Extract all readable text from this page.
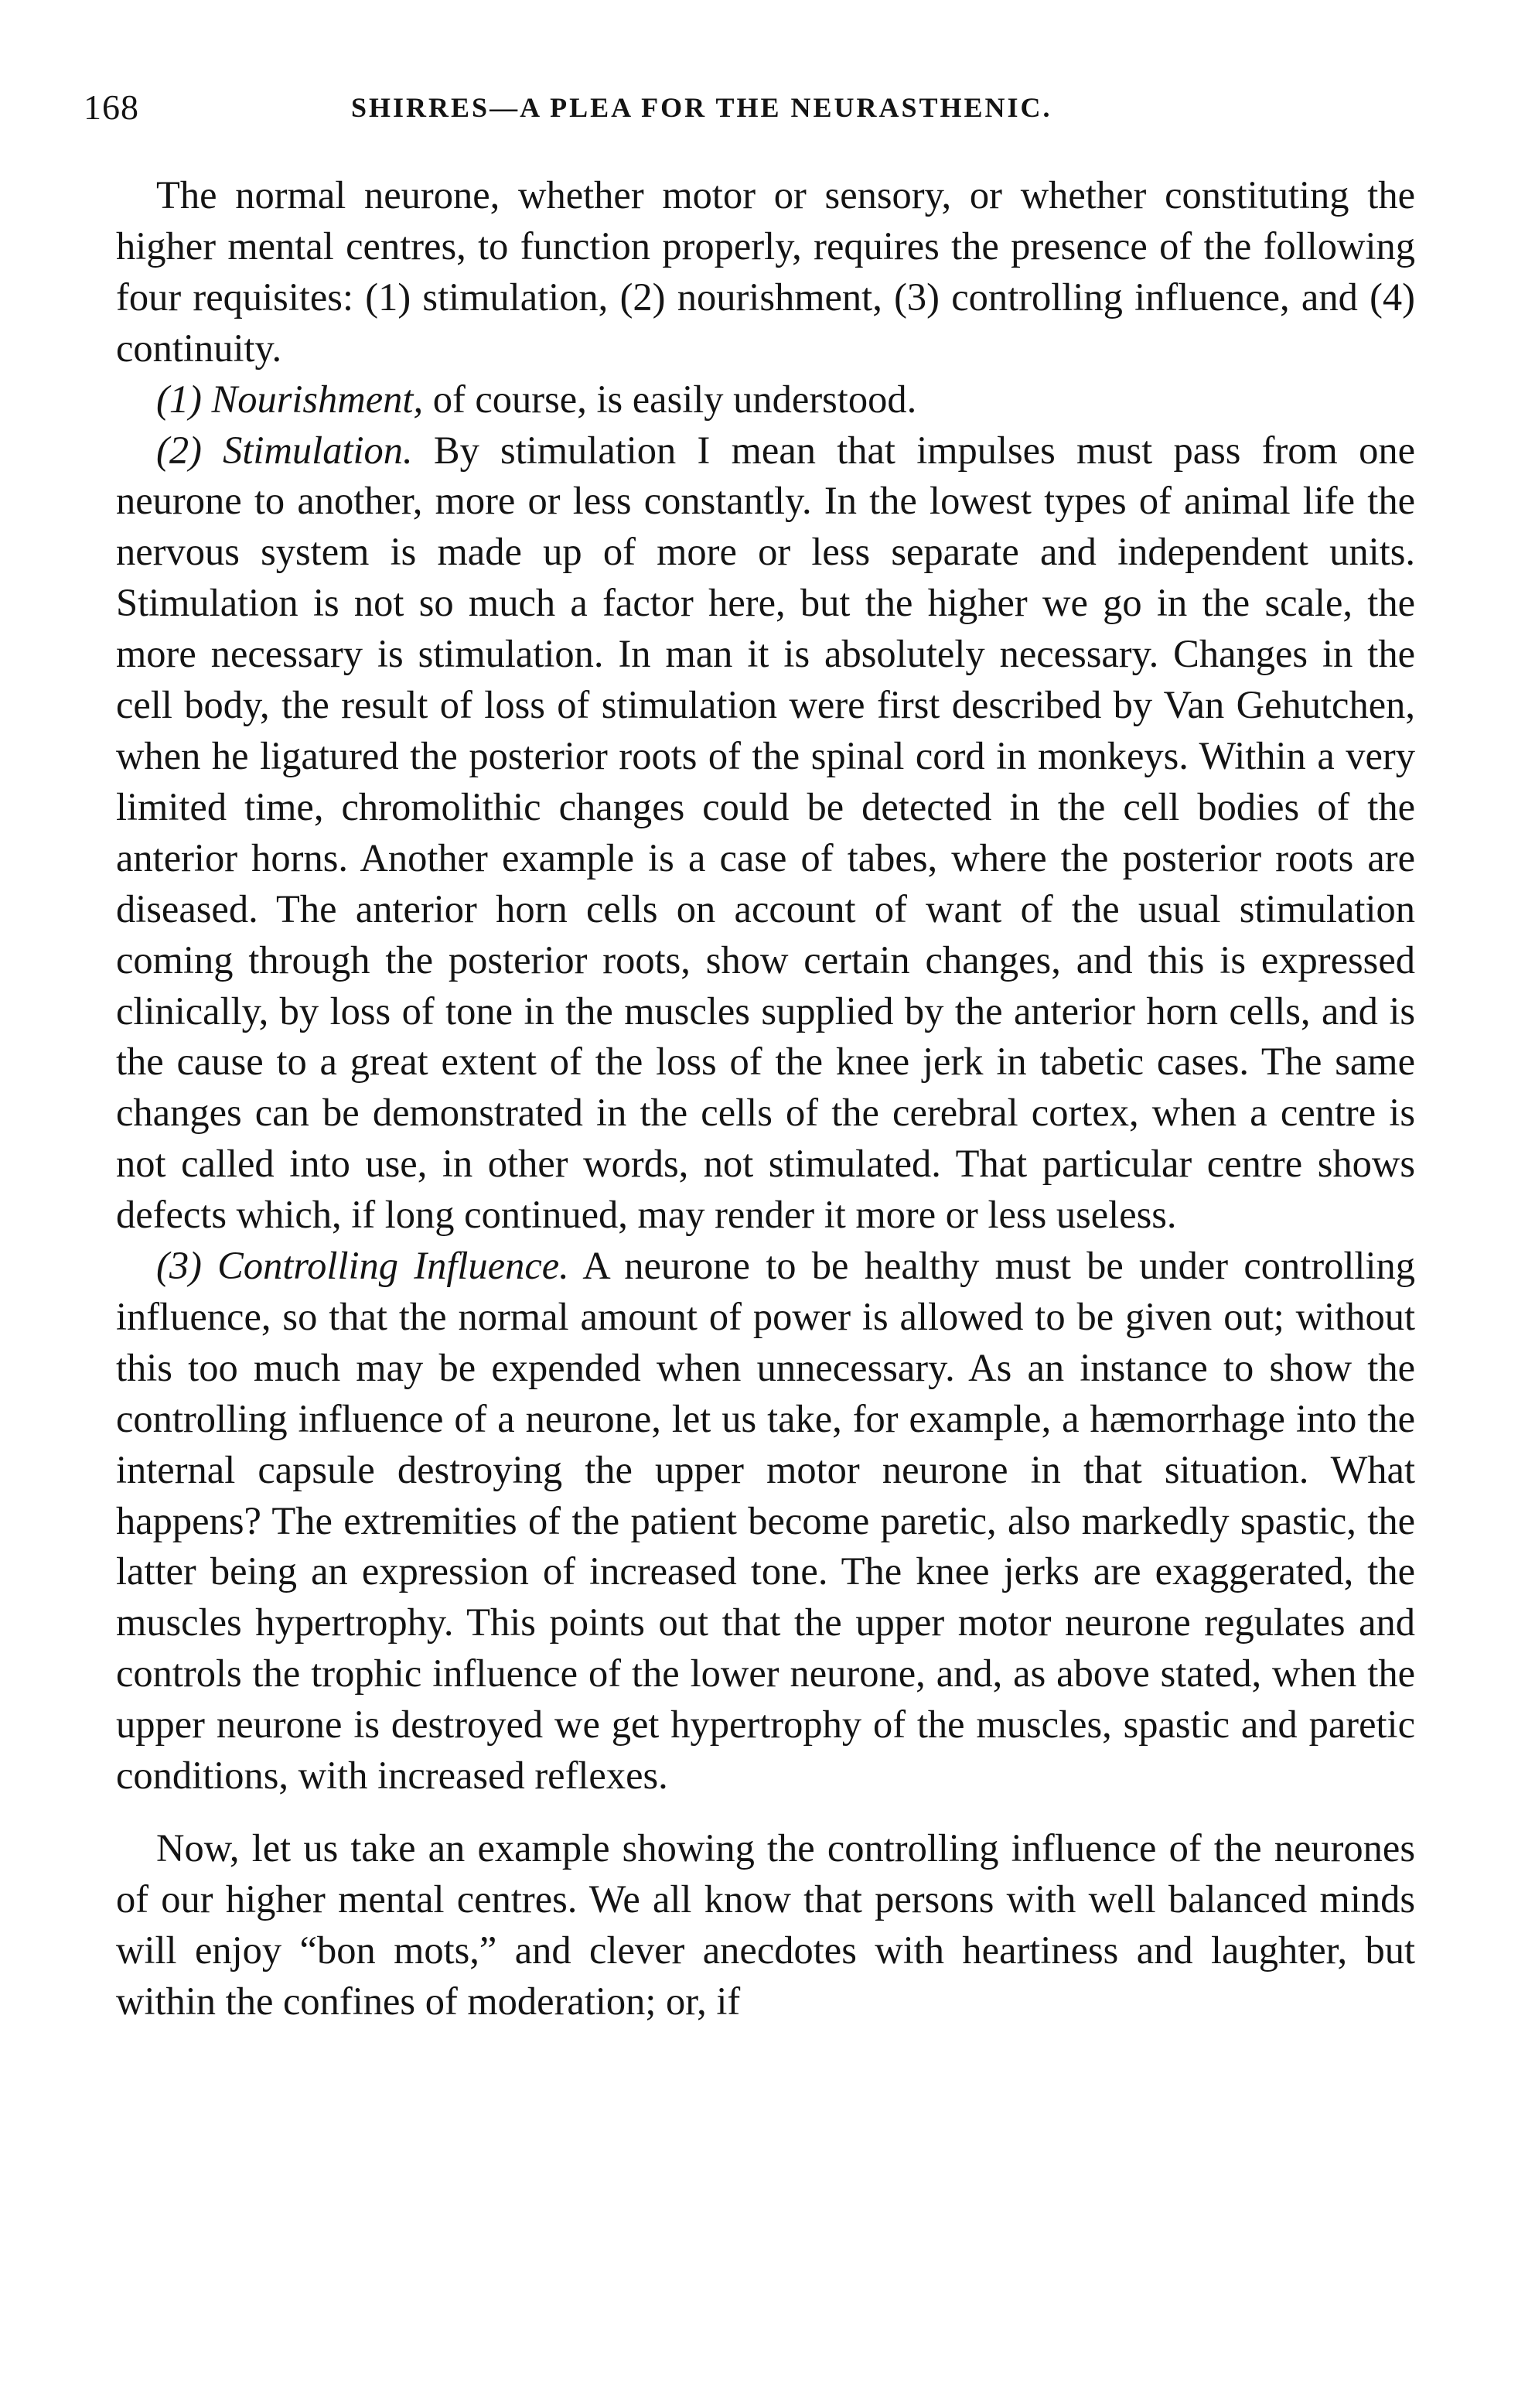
168	SHIRRES—A PLEA FOR THE NEURASTHENIC.

The normal neurone, whether motor or sensory, or whether constituting the higher mental centres, to function properly, requires the presence of the following four requisites: (1) stimulation, (2) nourishment, (3) controlling influence, and (4) continuity.

(1) Nourishment, of course, is easily understood.

(2) Stimulation. By stimulation I mean that impulses must pass from one neurone to another, more or less constantly. In the lowest types of animal life the nervous system is made up of more or less separate and independent units. Stimulation is not so much a factor here, but the higher we go in the scale, the more necessary is stimulation. In man it is absolutely necessary. Changes in the cell body, the result of loss of stimulation were first described by Van Gehutchen, when he ligatured the posterior roots of the spinal cord in monkeys. Within a very limited time, chromolithic changes could be detected in the cell bodies of the anterior horns. Another example is a case of tabes, where the posterior roots are diseased. The anterior horn cells on account of want of the usual stimulation coming through the posterior roots, show certain changes, and this is expressed clinically, by loss of tone in the muscles supplied by the anterior horn cells, and is the cause to a great extent of the loss of the knee jerk in tabetic cases. The same changes can be demonstrated in the cells of the cerebral cortex, when a centre is not called into use, in other words, not stimulated. That particular centre shows defects which, if long continued, may render it more or less useless.

(3) Controlling Influence. A neurone to be healthy must be under controlling influence, so that the normal amount of power is allowed to be given out; without this too much may be expended when unnecessary. As an instance to show the controlling influence of a neurone, let us take, for example, a hæmorrhage into the internal capsule destroying the upper motor neurone in that situation. What happens? The extremities of the patient become paretic, also markedly spastic, the latter being an expression of increased tone. The knee jerks are exaggerated, the muscles hypertrophy. This points out that the upper motor neurone regulates and controls the trophic influence of the lower neurone, and, as above stated, when the upper neurone is destroyed we get hypertrophy of the muscles, spastic and paretic conditions, with increased reflexes.

Now, let us take an example showing the controlling influence of the neurones of our higher mental centres. We all know that persons with well balanced minds will enjoy “bon mots,” and clever anecdotes with heartiness and laughter, but within the confines of moderation; or, if
